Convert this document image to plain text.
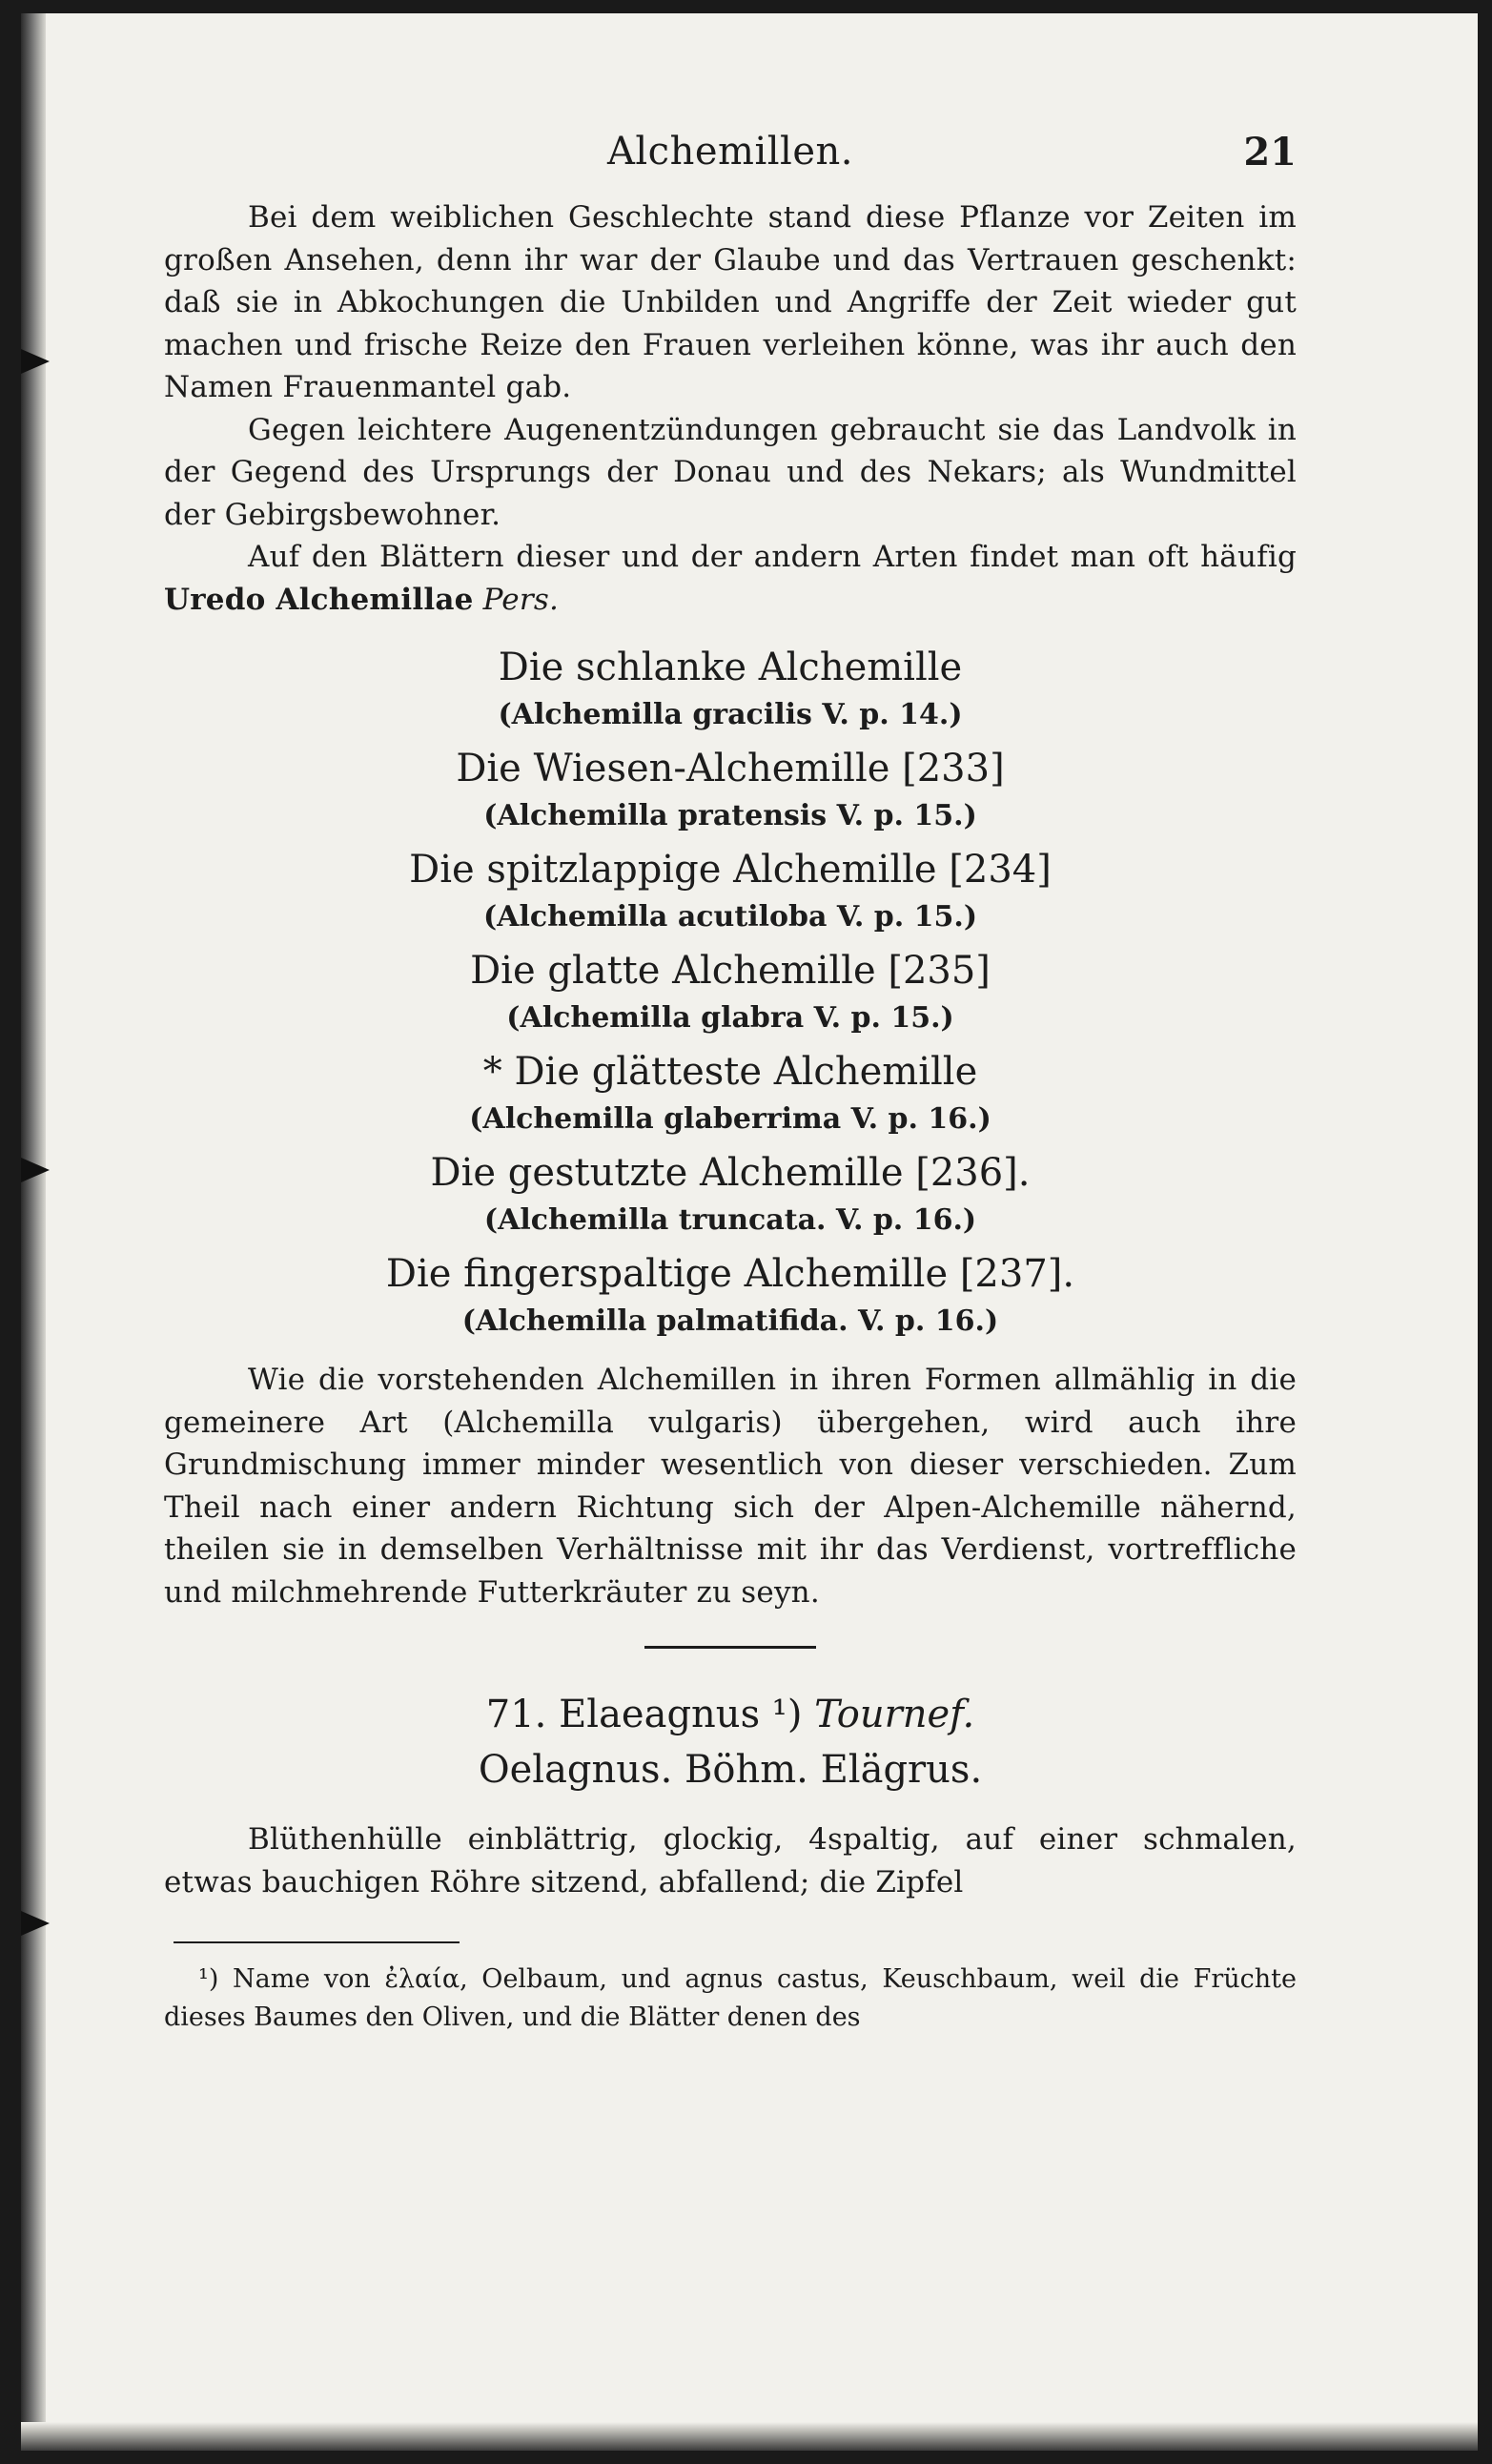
Alchemillen.	21

Bei dem weiblichen Geschlechte stand diese Pflanze vor Zeiten im großen Ansehen, denn ihr war der Glaube und das Vertrauen geschenkt: daß sie in Abkochungen die Unbilden und Angriffe der Zeit wieder gut machen und frische Reize den Frauen verleihen könne, was ihr auch den Namen Frauenmantel gab.

Gegen leichtere Augenentzündungen gebraucht sie das Landvolk in der Gegend des Ursprungs der Donau und des Nekars; als Wundmittel der Gebirgsbewohner.

Auf den Blättern dieser und der andern Arten findet man oft häufig Uredo Alchemillae Pers.

Die schlanke Alchemille
(Alchemilla gracilis V. p. 14.)
Die Wiesen-Alchemille [233]
(Alchemilla pratensis V. p. 15.)
Die spitzlappige Alchemille [234]
(Alchemilla acutiloba V. p. 15.)
Die glatte Alchemille [235]
(Alchemilla glabra V. p. 15.)
* Die glätteste Alchemille
(Alchemilla glaberrima V. p. 16.)
Die gestutzte Alchemille [236].
(Alchemilla truncata. V. p. 16.)
Die fingerspaltige Alchemille [237].
(Alchemilla palmatifida. V. p. 16.)

Wie die vorstehenden Alchemillen in ihren Formen allmählig in die gemeinere Art (Alchemilla vulgaris) übergehen, wird auch ihre Grundmischung immer minder wesentlich von dieser verschieden. Zum Theil nach einer andern Richtung sich der Alpen-Alchemille nähernd, theilen sie in demselben Verhältnisse mit ihr das Verdienst, vortreffliche und milchmehrende Futterkräuter zu seyn.

71. Elaeagnus ¹) Tournef.

Oelagnus. Böhm. Elägrus.

Blüthenhülle einblättrig, glockig, 4spaltig, auf einer schmalen, etwas bauchigen Röhre sitzend, abfallend; die Zipfel

¹) Name von ἐλαία, Oelbaum, und agnus castus, Keuschbaum, weil die Früchte dieses Baumes den Oliven, und die Blätter denen des
